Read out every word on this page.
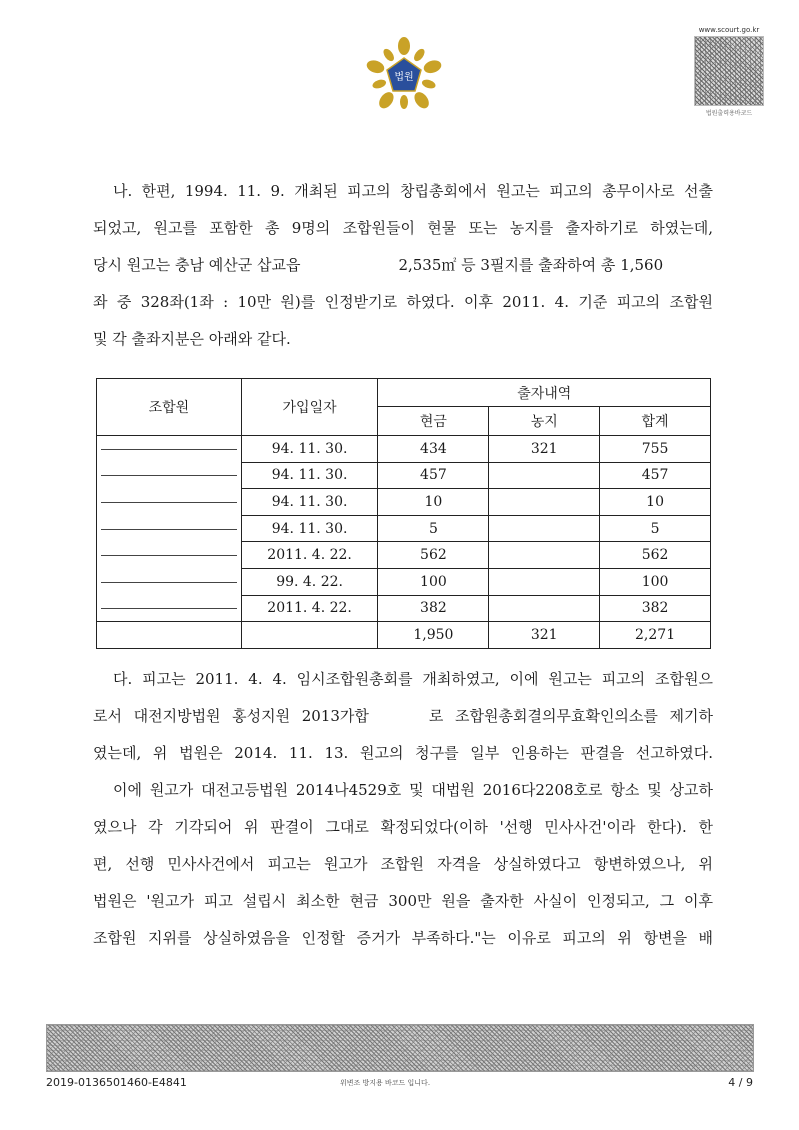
법원
www.scourt.go.kr
법원출력용바코드
나. 한편, 1994. 11. 9. 개최된 피고의 창립총회에서 원고는 피고의 총무이사로 선출
되었고, 원고를 포함한 총 9명의 조합원들이 현물 또는 농지를 출자하기로 하였는데,
당시 원고는 충남 예산군 삽교읍	2,535㎡ 등 3필지를 출좌하여 총 1,560
좌 중 328좌(1좌 : 10만 원)를 인정받기로 하였다. 이후 2011. 4. 기준 피고의 조합원
및 각 출좌지분은 아래와 같다.
조합원	가입일자	출자내역		
		현금	농지	합계

	94. 11. 30.	434	321	755

	94. 11. 30.	457		457

	94. 11. 30.	10		10

	94. 11. 30.	5		5

	2011. 4. 22.	562		562

	99. 4. 22.	100		100

	2011. 4. 22.	382		382
		1,950	321	2,271
다. 피고는 2011. 4. 4. 임시조합원총회를 개최하였고, 이에 원고는 피고의 조합원으
로서 대전지방법원 홍성지원 2013가합	로 조합원총회결의무효확인의소를 제기하
였는데, 위 법원은 2014. 11. 13. 원고의 청구를 일부 인용하는 판결을 선고하였다.
이에 원고가 대전고등법원 2014나4529호 및 대법원 2016다2208호로 항소 및 상고하
였으나 각 기각되어 위 판결이 그대로 확정되었다(이하 '선행 민사사건'이라 한다). 한
편, 선행 민사사건에서 피고는 원고가 조합원 자격을 상실하였다고 항변하였으나, 위
법원은 '원고가 피고 설립시 최소한 현금 300만 원을 출자한 사실이 인정되고, 그 이후
조합원 지위를 상실하였음을 인정할 증거가 부족하다."는 이유로 피고의 위 항변을 배
2019-0136501460-E4841	위변조 방지용 바코드 입니다.	4 / 9
